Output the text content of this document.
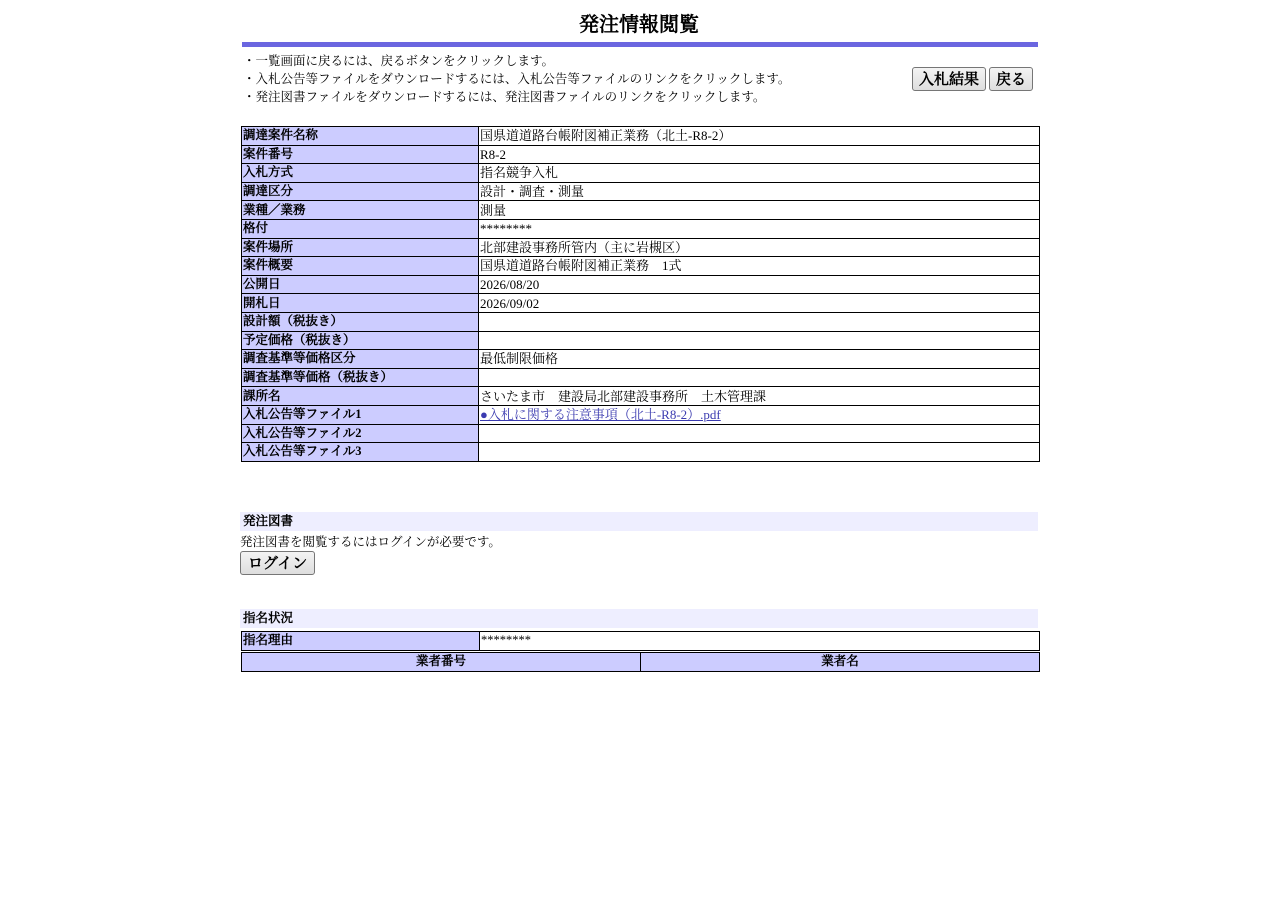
発注情報閲覧
・一覧画面に戻るには、戻るボタンをクリックします。
・入札公告等ファイルをダウンロードするには、入札公告等ファイルのリンクをクリックします。
・発注図書ファイルをダウンロードするには、発注図書ファイルのリンクをクリックします。
入札結果	戻る
調達案件名称	国県道道路台帳附図補正業務（北土-R8-2）
案件番号	R8-2
入札方式	指名競争入札
調達区分	設計・調査・測量
業種／業務	測量
格付	********
案件場所	北部建設事務所管内（主に岩槻区）
案件概要	国県道道路台帳附図補正業務　1式
公開日	2026/08/20
開札日	2026/09/02
設計額（税抜き）	
予定価格（税抜き）	
調査基準等価格区分	最低制限価格
調査基準等価格（税抜き）	
課所名	さいたま市　建設局北部建設事務所　土木管理課
入札公告等ファイル1	●入札に関する注意事項（北土-R8-2）.pdf
入札公告等ファイル2	
入札公告等ファイル3	
発注図書
発注図書を閲覧するにはログインが必要です。
ログイン
指名状況
指名理由	********
業者番号	業者名
